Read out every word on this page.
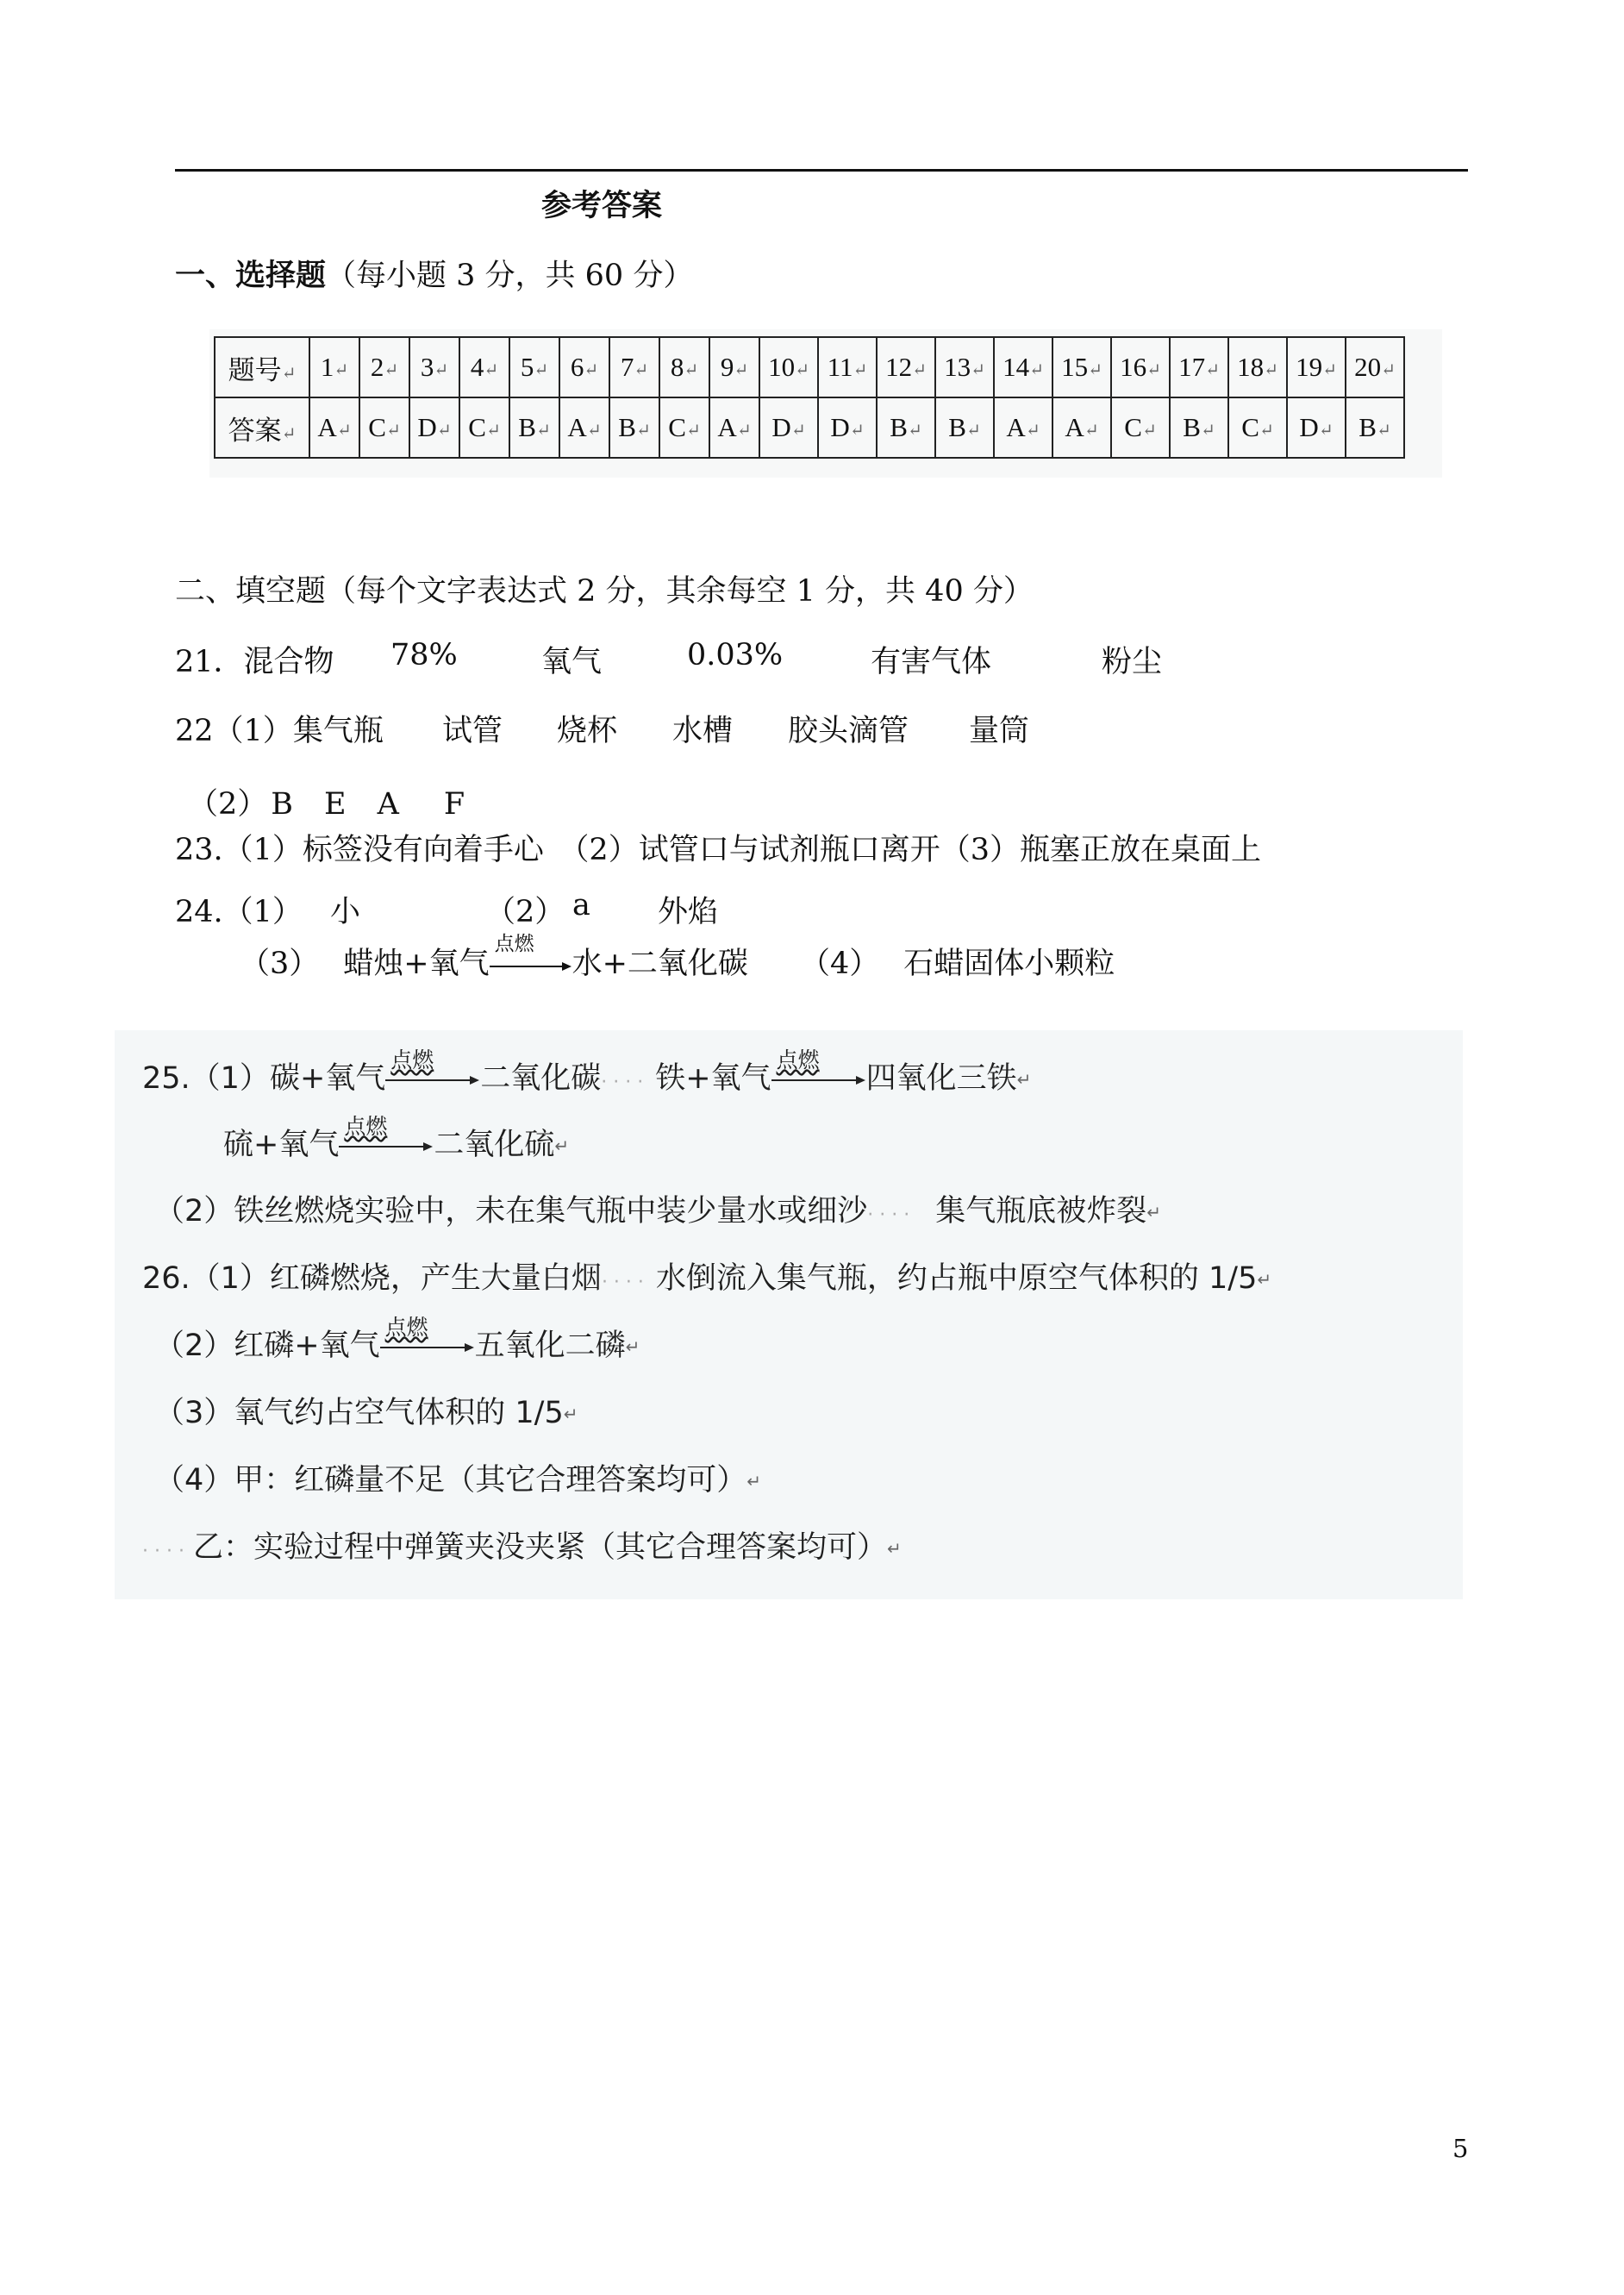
参考答案
一、选择题（每小题 3 分，共 60 分）
题号↵	1↵	2↵	3↵	4↵	5↵	6↵	7↵	8↵	9↵	10↵	11↵	12↵	13↵	14↵	15↵	16↵	17↵	18↵	19↵	20↵
答案↵	A↵	C↵	D↵	C↵	B↵	A↵	B↵	C↵	A↵	D↵	D↵	B↵	B↵	A↵	A↵	C↵	B↵	C↵	D↵	B↵
二、填空题（每个文字表达式 2 分，其余每空 1 分，共 40 分）
21．混合物 78%	氧气	0.03%	有害气体	粉尘
22（1）集气瓶 试管 烧杯 水槽 胶头滴管 量筒
（2） B E A F
23.（1）标签没有向着手心　（2）试管口与试剂瓶口离开（3）瓶塞正放在桌面上
24.（1） 小	（2） a 外焰
（3） 蜡烛+氧气
点燃
水+二氧化碳 （4） 石蜡固体小颗粒
25.（1）碳+氧气
点燃
二氧化碳· · · · 铁+氧气
点燃
四氧化三铁↵
硫+氧气
点燃
二氧化硫↵
（2）铁丝燃烧实验中，未在集气瓶中装少量水或细沙· · · · 集气瓶底被炸裂↵
26.（1）红磷燃烧，产生大量白烟· · · · 水倒流入集气瓶，约占瓶中原空气体积的 1/5↵
（2）红磷+氧气
点燃
五氧化二磷↵
（3）氧气约占空气体积的 1/5↵
（4）甲：红磷量不足（其它合理答案均可）↵
· · · · 乙：实验过程中弹簧夹没夹紧（其它合理答案均可）↵
5
